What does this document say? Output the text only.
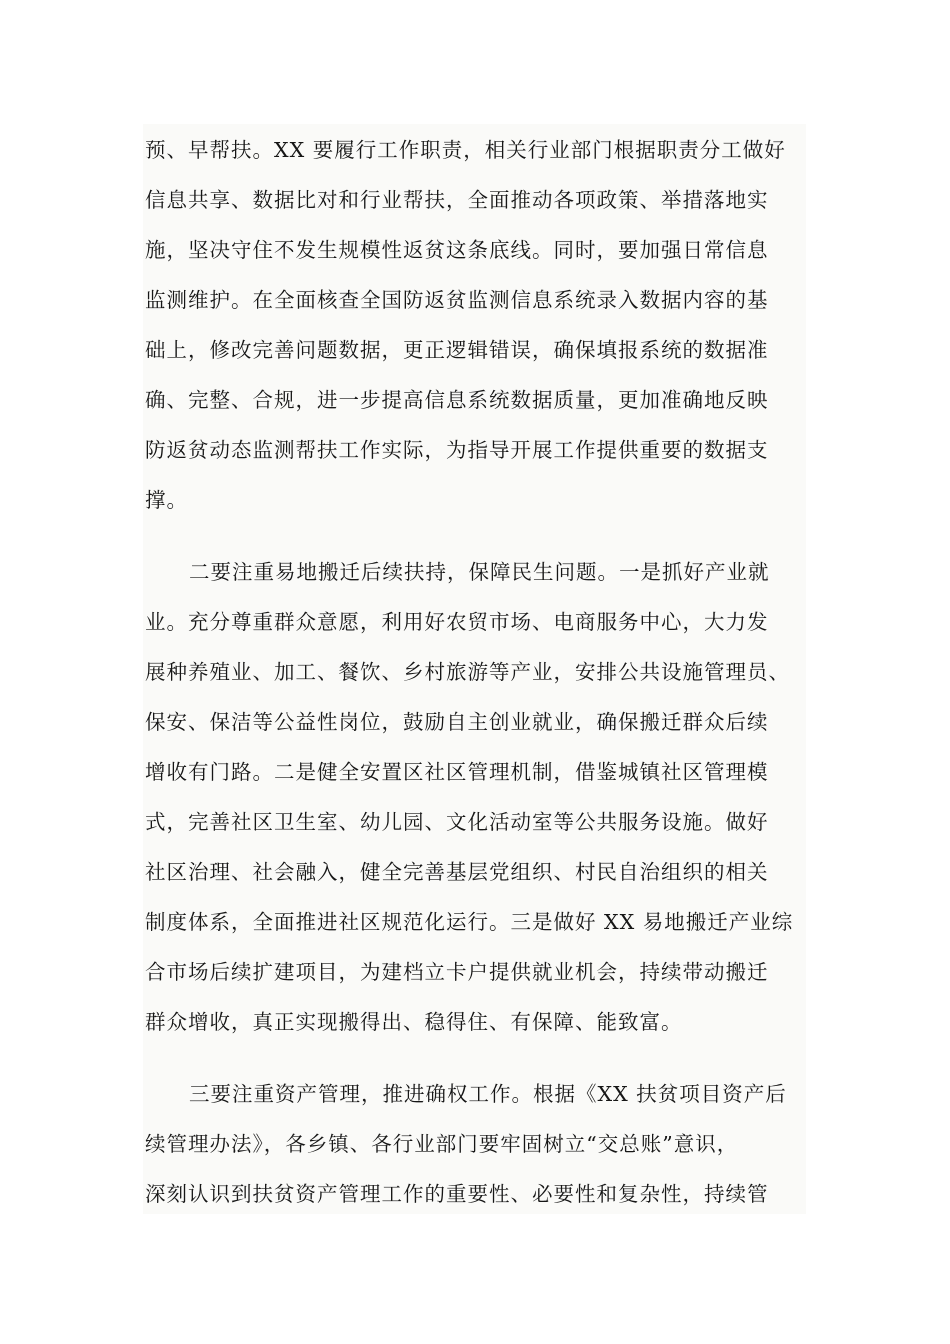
预、早帮扶。XX 要履行工作职责，相关行业部门根据职责分工做好
信息共享、数据比对和行业帮扶，全面推动各项政策、举措落地实
施，坚决守住不发生规模性返贫这条底线。同时，要加强日常信息
监测维护。在全面核查全国防返贫监测信息系统录入数据内容的基
础上，修改完善问题数据，更正逻辑错误，确保填报系统的数据准
确、完整、合规，进一步提高信息系统数据质量，更加准确地反映
防返贫动态监测帮扶工作实际，为指导开展工作提供重要的数据支
撑。
二要注重易地搬迁后续扶持，保障民生问题。一是抓好产业就
业。充分尊重群众意愿，利用好农贸市场、电商服务中心，大力发
展种养殖业、加工、餐饮、乡村旅游等产业，安排公共设施管理员、
保安、保洁等公益性岗位，鼓励自主创业就业，确保搬迁群众后续
增收有门路。二是健全安置区社区管理机制，借鉴城镇社区管理模
式，完善社区卫生室、幼儿园、文化活动室等公共服务设施。做好
社区治理、社会融入，健全完善基层党组织、村民自治组织的相关
制度体系，全面推进社区规范化运行。三是做好 XX 易地搬迁产业综
合市场后续扩建项目，为建档立卡户提供就业机会，持续带动搬迁
群众增收，真正实现搬得出、稳得住、有保障、能致富。
三要注重资产管理，推进确权工作。根据《XX 扶贫项目资产后
续管理办法》，各乡镇、各行业部门要牢固树立“交总账”意识，
深刻认识到扶贫资产管理工作的重要性、必要性和复杂性，持续管
